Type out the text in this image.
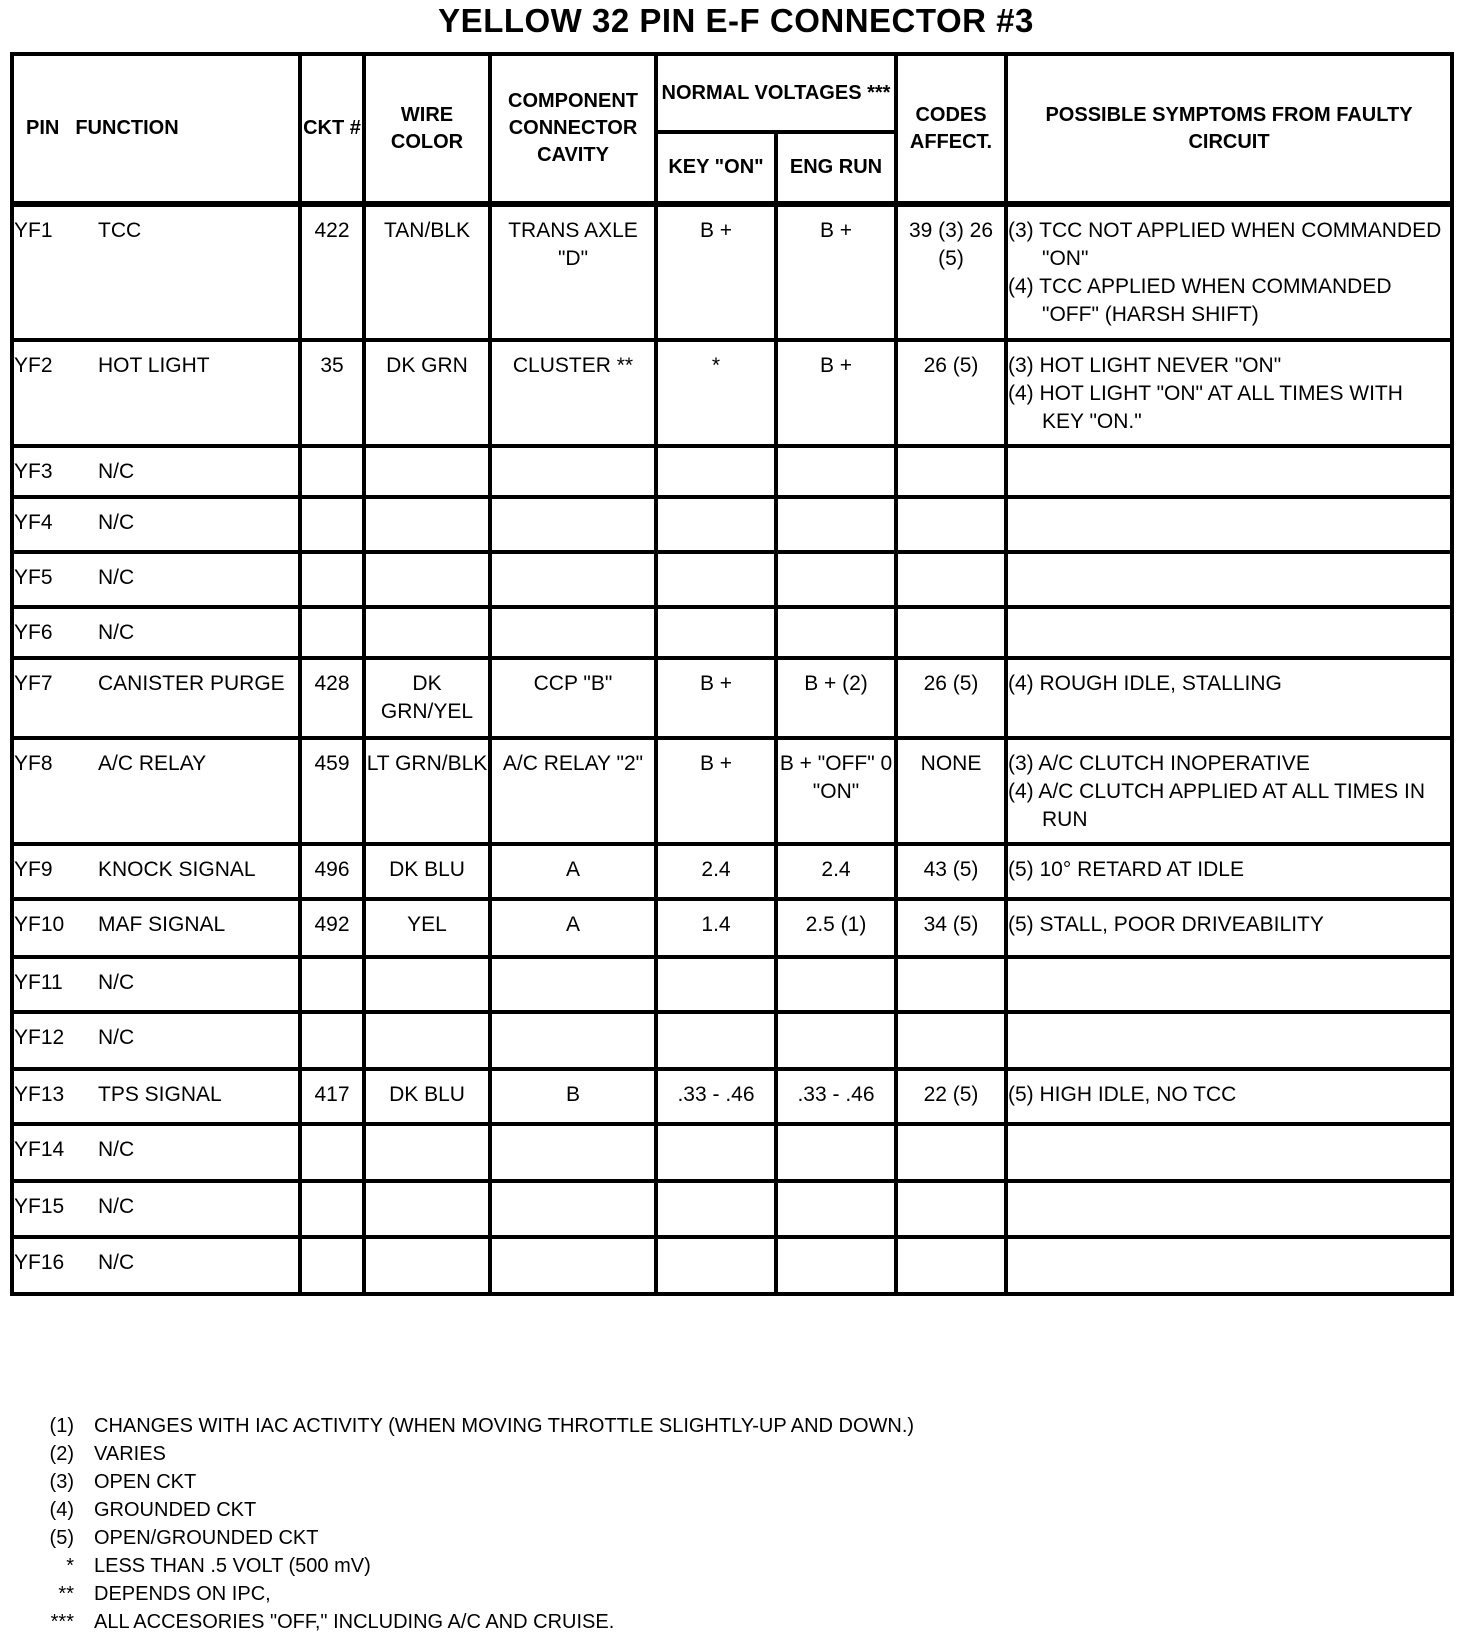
YELLOW 32 PIN E-F CONNECTOR #3
PIN FUNCTION	CKT #	WIRE COLOR	COMPONENT CONNECTOR CAVITY	NORMAL VOLTAGES ***		CODES AFFECT.	POSSIBLE SYMPTOMS FROM FAULTY CIRCUIT
				KEY "ON"	ENG RUN		
YF1 TCC	422	TAN/BLK	TRANS AXLE "D"	B +	B +	39 (3) 26 (5)	(3) TCC NOT APPLIED WHEN COMMANDED "ON"
(4) TCC APPLIED WHEN COMMANDED "OFF" (HARSH SHIFT)

YF2 HOT LIGHT	35	DK GRN	CLUSTER **	*	B +	26 (5)	(3) HOT LIGHT NEVER "ON"
(4) HOT LIGHT "ON" AT ALL TIMES WITH KEY "ON."

YF3 N/C							
YF4 N/C							
YF5 N/C							
YF6 N/C							
YF7 CANISTER PURGE	428	DK GRN/YEL	CCP "B"	B +	B + (2)	26 (5)	(4) ROUGH IDLE, STALLING

YF8 A/C RELAY	459	LT GRN/BLK	A/C RELAY "2"	B +	B + "OFF" 0 "ON"	NONE	(3) A/C CLUTCH INOPERATIVE
(4) A/C CLUTCH APPLIED AT ALL TIMES IN RUN

YF9 KNOCK SIGNAL	496	DK BLU	A	2.4	2.4	43 (5)	(5) 10° RETARD AT IDLE

YF10 MAF SIGNAL	492	YEL	A	1.4	2.5 (1)	34 (5)	(5) STALL, POOR DRIVEABILITY

YF11 N/C							
YF12 N/C							
YF13 TPS SIGNAL	417	DK BLU	B	.33 - .46	.33 - .46	22 (5)	(5) HIGH IDLE, NO TCC

YF14 N/C							
YF15 N/C							
YF16 N/C							
(1) CHANGES WITH IAC ACTIVITY (WHEN MOVING THROTTLE SLIGHTLY-UP AND DOWN.)
(2) VARIES
(3) OPEN CKT
(4) GROUNDED CKT
(5) OPEN/GROUNDED CKT
* LESS THAN .5 VOLT (500 mV)
** DEPENDS ON IPC,
*** ALL ACCESORIES "OFF," INCLUDING A/C AND CRUISE.
